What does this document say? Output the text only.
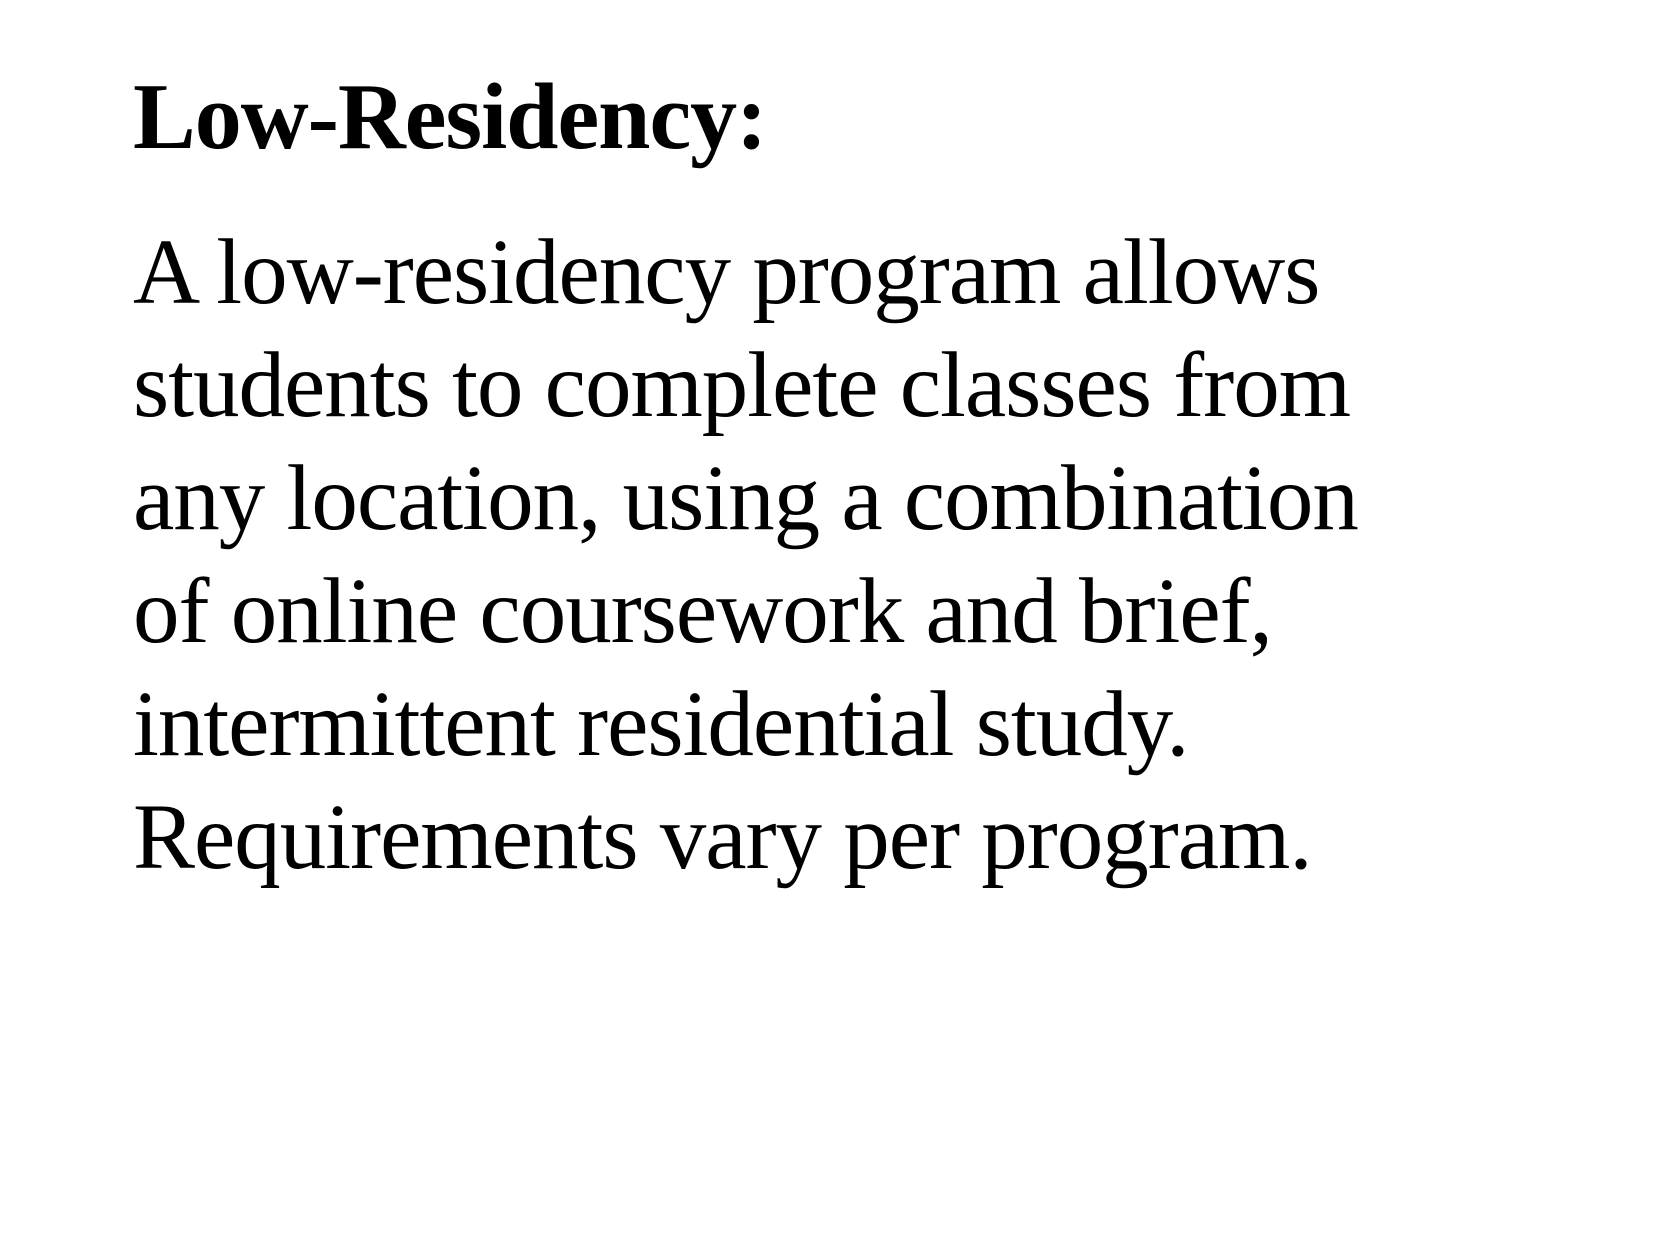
Low-Residency:
A low-residency program allows
students to complete classes from
any location, using a combination
of online coursework and brief,
intermittent residential study.
Requirements vary per program.
